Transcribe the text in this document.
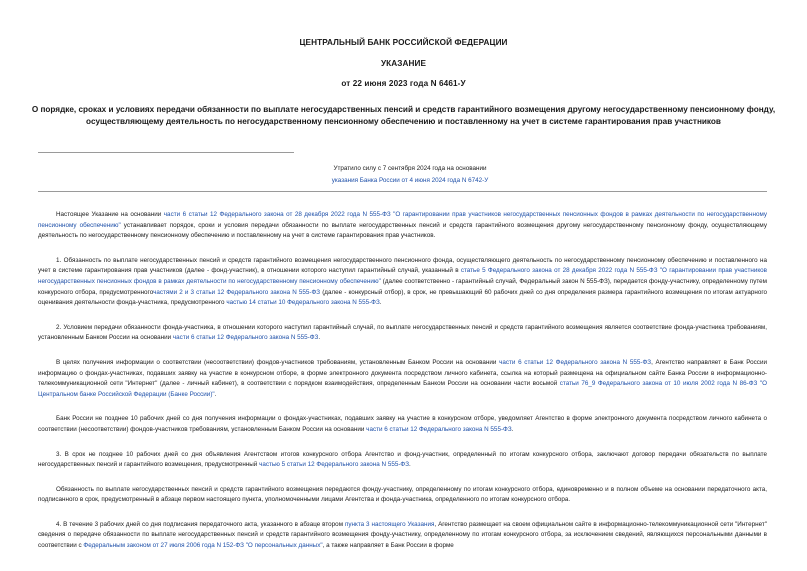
ЦЕНТРАЛЬНЫЙ БАНК РОССИЙСКОЙ ФЕДЕРАЦИИ
УКАЗАНИЕ
от 22 июня 2023 года N 6461-У
О порядке, сроках и условиях передачи обязанности по выплате негосударственных пенсий и средств гарантийного возмещения другому негосударственному пенсионному фонду, осуществляющему деятельность по негосударственному пенсионному обеспечению и поставленному на учет в системе гарантирования прав участников
Утратило силу с 7 сентября 2024 года на основании
указания Банка России от 4 июня 2024 года N 6742-У

Настоящее Указание на основании части 6 статьи 12 Федерального закона от 28 декабря 2022 года N 555-ФЗ "О гарантировании прав участников негосударственных пенсионных фондов в рамках деятельности по негосударственному пенсионному обеспечению" устанавливает порядок, сроки и условия передачи обязанности по выплате негосударственных пенсий и средств гарантийного возмещения другому негосударственному пенсионному фонду, осуществляющему деятельность по негосударственному пенсионному обеспечению и поставленному на учет в системе гарантирования прав участников.

1. Обязанность по выплате негосударственных пенсий и средств гарантийного возмещения негосударственного пенсионного фонда, осуществляющего деятельность по негосударственному пенсионному обеспечению и поставленного на учет в системе гарантирования прав участников (далее - фонд-участник), в отношении которого наступил гарантийный случай, указанный в статье 5 Федерального закона от 28 декабря 2022 года N 555-ФЗ "О гарантировании прав участников негосударственных пенсионных фондов в рамках деятельности по негосударственному пенсионному обеспечению" (далее соответственно - гарантийный случай, Федеральный закон N 555-ФЗ), передается фонду-участнику, определенному путем конкурсного отбора, предусмотренногочастями 2 и 3 статьи 12 Федерального закона N 555-ФЗ (далее - конкурсный отбор), в срок, не превышающий 60 рабочих дней со дня определения размера гарантийного возмещения по итогам актуарного оценивания деятельности фонда-участника, предусмотренного частью 14 статьи 10 Федерального закона N 555-ФЗ.

2. Условием передачи обязанности фонда-участника, в отношении которого наступил гарантийный случай, по выплате негосударственных пенсий и средств гарантийного возмещения является соответствие фонда-участника требованиям, установленным Банком России на основании части 6 статьи 12 Федерального закона N 555-ФЗ.

В целях получения информации о соответствии (несоответствии) фондов-участников требованиям, установленным Банком России на основании части 6 статьи 12 Федерального закона N 555-ФЗ, Агентство направляет в Банк России информацию о фондах-участниках, подавших заявку на участие в конкурсном отборе, в форме электронного документа посредством личного кабинета, ссылка на который размещена на официальном сайте Банка России в информационно-телекоммуникационной сети "Интернет" (далее - личный кабинет), в соответствии с порядком взаимодействия, определенным Банком России на основании части восьмой статьи 76_9 Федерального закона от 10 июля 2002 года N 86-ФЗ "О Центральном банке Российской Федерации (Банке России)".

Банк России не позднее 10 рабочих дней со дня получения информации о фондах-участниках, подавших заявку на участие в конкурсном отборе, уведомляет Агентство в форме электронного документа посредством личного кабинета о соответствии (несоответствии) фондов-участников требованиям, установленным Банком России на основании части 6 статьи 12 Федерального закона N 555-ФЗ.

3. В срок не позднее 10 рабочих дней со дня объявления Агентством итогов конкурсного отбора Агентство и фонд-участник, определенный по итогам конкурсного отбора, заключают договор передачи обязательств по выплате негосударственных пенсий и гарантийного возмещения, предусмотренный частью 5 статьи 12 Федерального закона N 555-ФЗ.

Обязанность по выплате негосударственных пенсий и средств гарантийного возмещения передаются фонду-участнику, определенному по итогам конкурсного отбора, единовременно и в полном объеме на основании передаточного акта, подписанного в срок, предусмотренный в абзаце первом настоящего пункта, уполномоченными лицами Агентства и фонда-участника, определенного по итогам конкурсного отбора.

4. В течение 3 рабочих дней со дня подписания передаточного акта, указанного в абзаце втором пункта 3 настоящего Указания, Агентство размещает на своем официальном сайте в информационно-телекоммуникационной сети "Интернет" сведения о передаче обязанности по выплате негосударственных пенсий и средств гарантийного возмещения фонду-участнику, определенному по итогам конкурсного отбора, за исключением сведений, являющихся персональными данными в соответствии с Федеральным законом от 27 июля 2006 года N 152-ФЗ "О персональных данных", а также направляет в Банк России в форме
